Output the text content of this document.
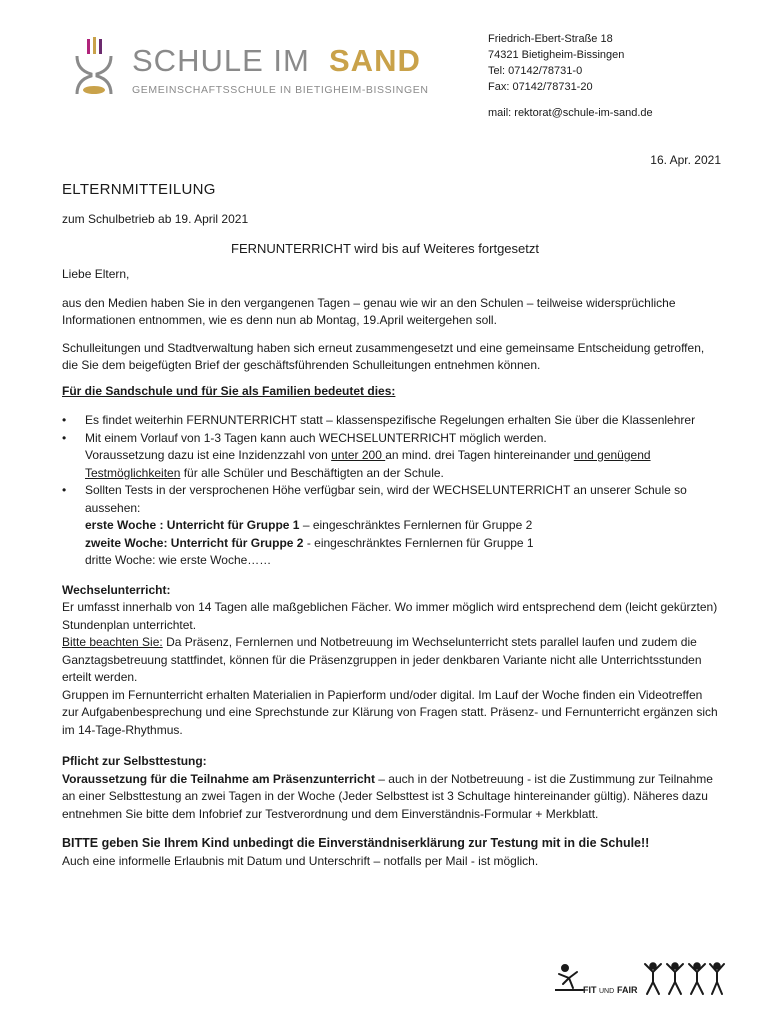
SCHULE IM SAND
GEMEINSCHAFTSSCHULE IN BIETIGHEIM-BISSINGEN
Friedrich-Ebert-Straße 18
74321 Bietigheim-Bissingen
Tel: 07142/78731-0
Fax: 07142/78731-20
mail: rektorat@schule-im-sand.de
16. Apr. 2021
ELTERNMITTEILUNG
zum Schulbetrieb ab 19. April 2021
FERNUNTERRICHT wird bis auf Weiteres fortgesetzt

Liebe Eltern,

aus den Medien haben Sie in den vergangenen Tagen – genau wie wir an den Schulen – teilweise widersprüchliche Informationen entnommen, wie es denn nun ab Montag, 19.April weitergehen soll.

Schulleitungen und Stadtverwaltung haben sich erneut zusammengesetzt und eine gemeinsame Entscheidung getroffen, die Sie dem beigefügten Brief der geschäftsführenden Schulleitungen entnehmen können.

Für die Sandschule und für Sie als Familien bedeutet dies:

• Es findet weiterhin FERNUNTERRICHT statt – klassenspezifische Regelungen erhalten Sie über die Klassenlehrer
• Mit einem Vorlauf von 1-3 Tagen kann auch WECHSELUNTERRICHT möglich werden.
Voraussetzung dazu ist eine Inzidenzzahl von unter 200 an mind. drei Tagen hintereinander und genügend Testmöglichkeiten für alle Schüler und Beschäftigten an der Schule.
• Sollten Tests in der versprochenen Höhe verfügbar sein, wird der WECHSELUNTERRICHT an unserer Schule so aussehen:
erste Woche : Unterricht für Gruppe 1 – eingeschränktes Fernlernen für Gruppe 2
zweite Woche: Unterricht für Gruppe 2 - eingeschränktes Fernlernen für Gruppe 1
dritte Woche: wie erste Woche……

Wechselunterricht:

Er umfasst innerhalb von 14 Tagen alle maßgeblichen Fächer. Wo immer möglich wird entsprechend dem (leicht gekürzten) Stundenplan unterrichtet.

Bitte beachten Sie: Da Präsenz, Fernlernen und Notbetreuung im Wechselunterricht stets parallel laufen und zudem die Ganztagsbetreuung stattfindet, können für die Präsenzgruppen in jeder denkbaren Variante nicht alle Unterrichtsstunden erteilt werden.

Gruppen im Fernunterricht erhalten Materialien in Papierform und/oder digital. Im Lauf der Woche finden ein Videotreffen zur Aufgabenbesprechung und eine Sprechstunde zur Klärung von Fragen statt. Präsenz- und Fernunterricht ergänzen sich im 14-Tage-Rhythmus.

Pflicht zur Selbsttestung:

Voraussetzung für die Teilnahme am Präsenzunterricht – auch in der Notbetreuung - ist die Zustimmung zur Teilnahme an einer Selbsttestung an zwei Tagen in der Woche (Jeder Selbsttest ist 3 Schultage hintereinander gültig). Näheres dazu entnehmen Sie bitte dem Infobrief zur Testverordnung und dem Einverständnis-Formular + Merkblatt.

BITTE geben Sie Ihrem Kind unbedingt die Einverständniserklärung zur Testung mit in die Schule!!

Auch eine informelle Erlaubnis mit Datum und Unterschrift – notfalls per Mail - ist möglich.

FIT UND FAIR
